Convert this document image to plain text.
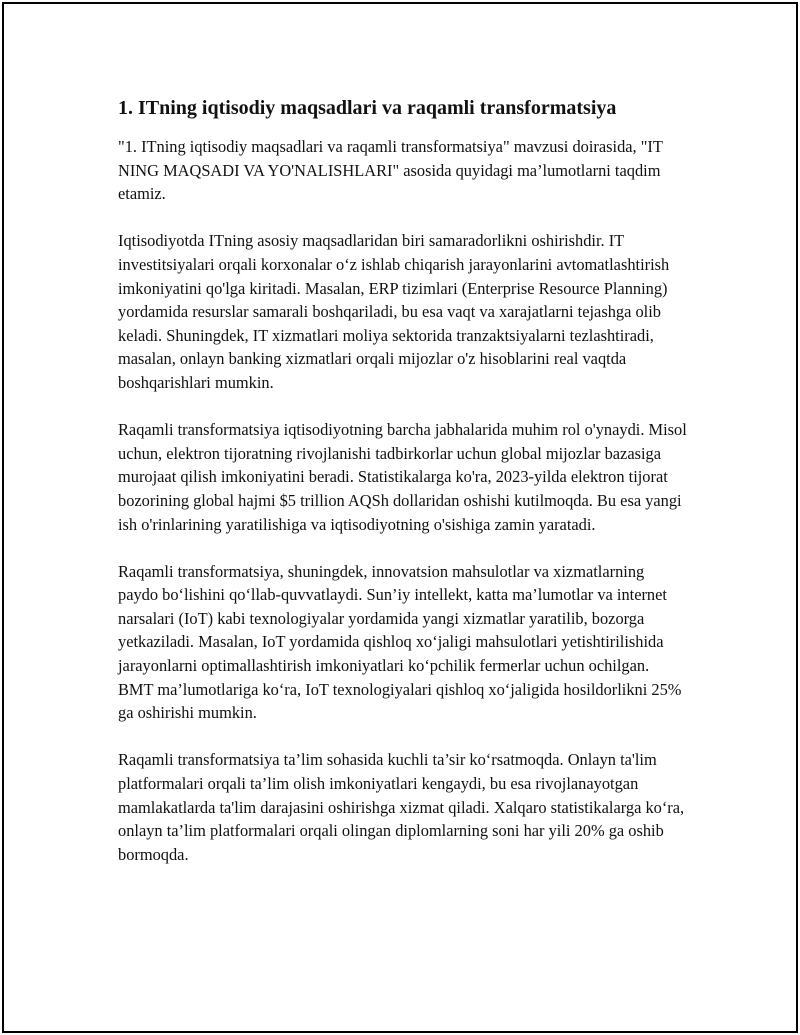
1. ITning iqtisodiy maqsadlari va raqamli transformatsiya

"1. ITning iqtisodiy maqsadlari va raqamli transformatsiya" mavzusi doirasida, "IT NING MAQSADI VA YO'NALISHLARI" asosida quyidagi ma’lumotlarni taqdim etamiz.

Iqtisodiyotda ITning asosiy maqsadlaridan biri samaradorlikni oshirishdir. IT investitsiyalari orqali korxonalar o‘z ishlab chiqarish jarayonlarini avtomatlashtirish imkoniyatini qo'lga kiritadi. Masalan, ERP tizimlari (Enterprise Resource Planning) yordamida resurslar samarali boshqariladi, bu esa vaqt va xarajatlarni tejashga olib keladi. Shuningdek, IT xizmatlari moliya sektorida tranzaktsiyalarni tezlashtiradi, masalan, onlayn banking xizmatlari orqali mijozlar o'z hisoblarini real vaqtda boshqarishlari mumkin.

Raqamli transformatsiya iqtisodiyotning barcha jabhalarida muhim rol o'ynaydi. Misol uchun, elektron tijoratning rivojlanishi tadbirkorlar uchun global mijozlar bazasiga murojaat qilish imkoniyatini beradi. Statistikalarga ko'ra, 2023-yilda elektron tijorat bozorining global hajmi $5 trillion AQSh dollaridan oshishi kutilmoqda. Bu esa yangi ish o'rinlarining yaratilishiga va iqtisodiyotning o'sishiga zamin yaratadi.

Raqamli transformatsiya, shuningdek, innovatsion mahsulotlar va xizmatlarning paydo bo‘lishini qo‘llab-quvvatlaydi. Sun’iy intellekt, katta ma’lumotlar va internet narsalari (IoT) kabi texnologiyalar yordamida yangi xizmatlar yaratilib, bozorga yetkaziladi. Masalan, IoT yordamida qishloq xo‘jaligi mahsulotlari yetishtirilishida jarayonlarni optimallashtirish imkoniyatlari ko‘pchilik fermerlar uchun ochilgan. BMT ma’lumotlariga ko‘ra, IoT texnologiyalari qishloq xo‘jaligida hosildorlikni 25% ga oshirishi mumkin.

Raqamli transformatsiya ta’lim sohasida kuchli ta’sir ko‘rsatmoqda. Onlayn ta'lim platformalari orqali ta’lim olish imkoniyatlari kengaydi, bu esa rivojlanayotgan mamlakatlarda ta'lim darajasini oshirishga xizmat qiladi. Xalqaro statistikalarga ko‘ra, onlayn ta’lim platformalari orqali olingan diplomlarning soni har yili 20% ga oshib bormoqda.
